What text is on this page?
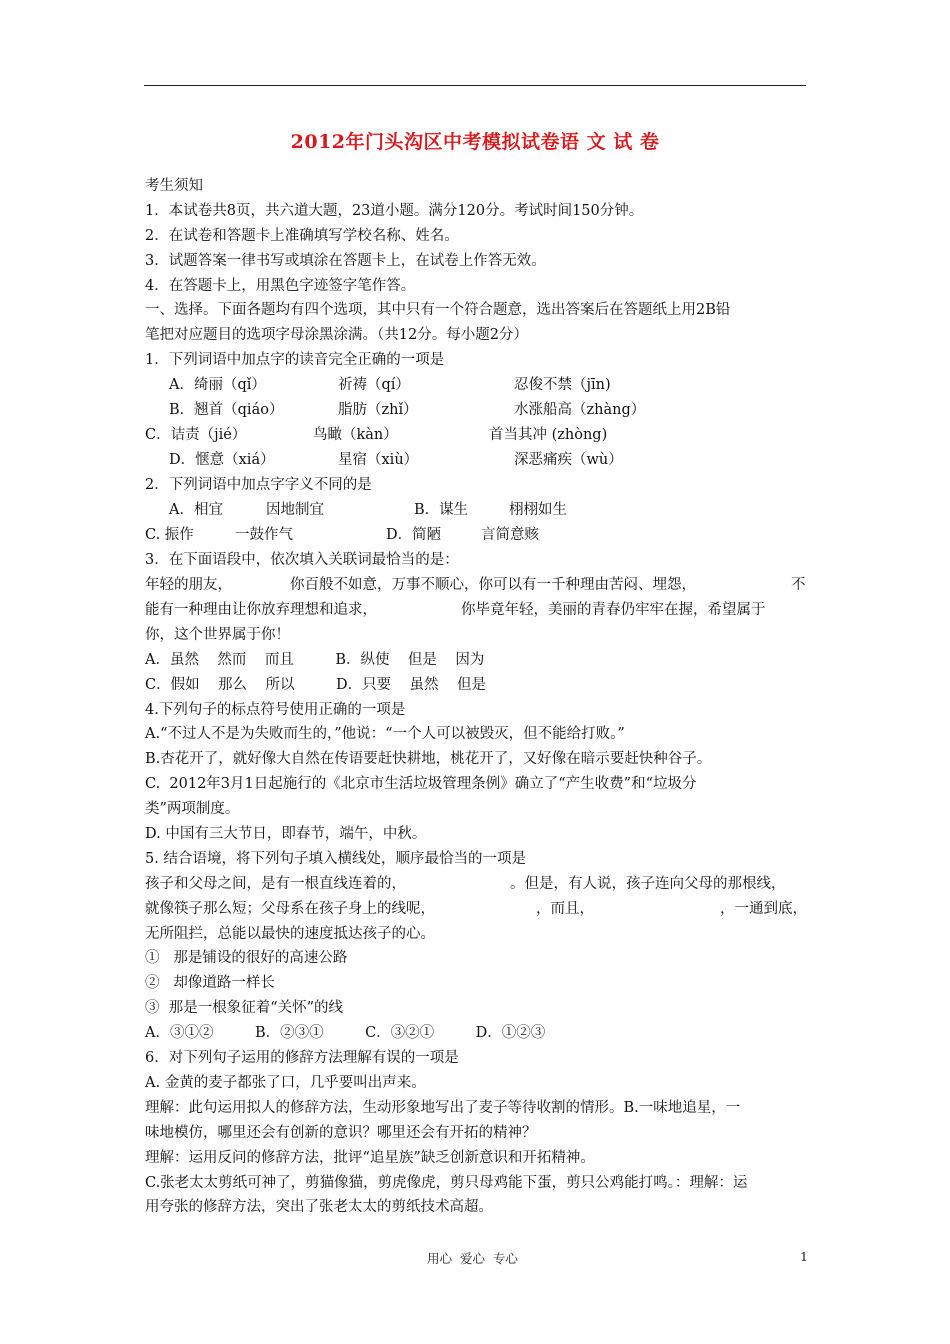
2012年门头沟区中考模拟试卷语 文 试 卷
考生须知
1．本试卷共8页，共六道大题，23道小题。满分120分。考试时间150分钟。
2．在试卷和答题卡上准确填写学校名称、姓名。
3．试题答案一律书写或填涂在答题卡上，在试卷上作答无效。
4．在答题卡上，用黑色字迹签字笔作答。
一、选择。下面各题均有四个选项，其中只有一个符合题意，选出答案后在答题纸上用2B铅
笔把对应题目的选项字母涂黑涂满。（共12分。每小题2分）
1．下列词语中加点字的读音完全正确的一项是
A．绮丽（qǐ）	祈祷（qí）	忍俊不禁（jīn)
B．翘首（qiáo）	脂肪（zhǐ）	水涨船高（zhàng）
C．诘责（jié）	鸟瞰（kàn）	首当其冲 (zhòng)
D．惬意（xiá）	星宿（xiù）	深恶痛疾（wù）
2．下列词语中加点字字义不同的是
A．相宜	因地制宜	B．谋生	栩栩如生
C. 振作	一鼓作气	D．简陋	言简意赅
3．在下面语段中，依次填入关联词最恰当的是：
年轻的朋友，	你百般不如意，万事不顺心，你可以有一千种理由苦闷、埋怨，	不
能有一种理由让你放弃理想和追求，	你毕竟年轻，美丽的青春仍牢牢在握，希望属于
你，这个世界属于你！
A．虽然    然而    而且         B．纵使    但是    因为
C．假如    那么    所以         D．只要    虽然    但是
4.下列句子的标点符号使用正确的一项是
A.“不过人不是为失败而生的，”他说：“一个人可以被毁灭，但不能给打败。”
B.杏花开了，就好像大自然在传语要赶快耕地，桃花开了，又好像在暗示要赶快种谷子。
C.  2012年3月1日起施行的《北京市生活垃圾管理条例》确立了“产生收费”和“垃圾分
类”两项制度。
D. 中国有三大节日，即春节，端午，中秋。
5. 结合语境，将下列句子填入横线处，顺序最恰当的一项是
孩子和父母之间，是有一根直线连着的，	。但是，有人说，孩子连向父母的那根线，
就像筷子那么短；父母系在孩子身上的线呢，	，而且，	，一通到底，
无所阻拦，总能以最快的速度抵达孩子的心。
①   那是铺设的很好的高速公路
②   却像道路一样长
③  那是一根象征着“关怀”的线
A．③①②         B．②③①         C．③②①         D．①②③
6．对下列句子运用的修辞方法理解有误的一项是
A. 金黄的麦子都张了口，几乎要叫出声来。
理解：此句运用拟人的修辞方法，生动形象地写出了麦子等待收割的情形。B.一味地追星，一
味地模仿，哪里还会有创新的意识？哪里还会有开拓的精神？
理解：运用反问的修辞方法，批评“追星族”缺乏创新意识和开拓精神。
C.张老太太剪纸可神了，剪猫像猫，剪虎像虎，剪只母鸡能下蛋，剪只公鸡能打鸣。：理解：运
用夸张的修辞方法，突出了张老太太的剪纸技术高超。
用心  爱心  专心	1
